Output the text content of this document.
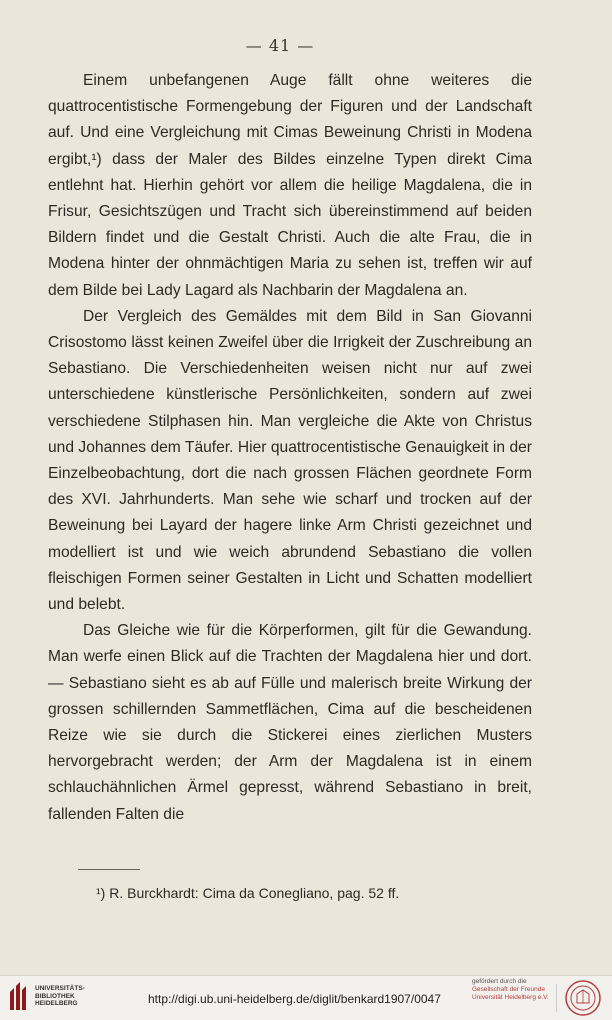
— 41 —

Einem unbefangenen Auge fällt ohne weiteres die quattrocentistische Formengebung der Figuren und der Landschaft auf. Und eine Vergleichung mit Cimas Beweinung Christi in Modena ergibt,¹) dass der Maler des Bildes einzelne Typen direkt Cima entlehnt hat. Hierhin gehört vor allem die heilige Magdalena, die in Frisur, Gesichtszügen und Tracht sich übereinstimmend auf beiden Bildern findet und die Gestalt Christi. Auch die alte Frau, die in Modena hinter der ohnmächtigen Maria zu sehen ist, treffen wir auf dem Bilde bei Lady Lagard als Nachbarin der Magdalena an.

Der Vergleich des Gemäldes mit dem Bild in San Giovanni Crisostomo lässt keinen Zweifel über die Irrigkeit der Zuschreibung an Sebastiano. Die Verschiedenheiten weisen nicht nur auf zwei unterschiedene künstlerische Persönlichkeiten, sondern auf zwei verschiedene Stilphasen hin. Man vergleiche die Akte von Christus und Johannes dem Täufer. Hier quattrocentistische Genauigkeit in der Einzelbeobachtung, dort die nach grossen Flächen geordnete Form des XVI. Jahrhunderts. Man sehe wie scharf und trocken auf der Beweinung bei Layard der hagere linke Arm Christi gezeichnet und modelliert ist und wie weich abrundend Sebastiano die vollen fleischigen Formen seiner Gestalten in Licht und Schatten modelliert und belebt.

Das Gleiche wie für die Körperformen, gilt für die Gewandung. Man werfe einen Blick auf die Trachten der Magdalena hier und dort. — Sebastiano sieht es ab auf Fülle und malerisch breite Wirkung der grossen schillernden Sammetflächen, Cima auf die bescheidenen Reize wie sie durch die Stickerei eines zierlichen Musters hervorgebracht werden; der Arm der Magdalena ist in einem schlauchähnlichen Ärmel gepresst, während Sebastiano in breit, fallenden Falten die

¹) R. Burckhardt: Cima da Conegliano, pag. 52 ff.
UNIVERSITÄTS-
BIBLIOTHEK
HEIDELBERG	http://digi.ub.uni-heidelberg.de/diglit/benkard1907/0047
gefördert durch die
Gesellschaft der Freunde
Universität Heidelberg e.V.
